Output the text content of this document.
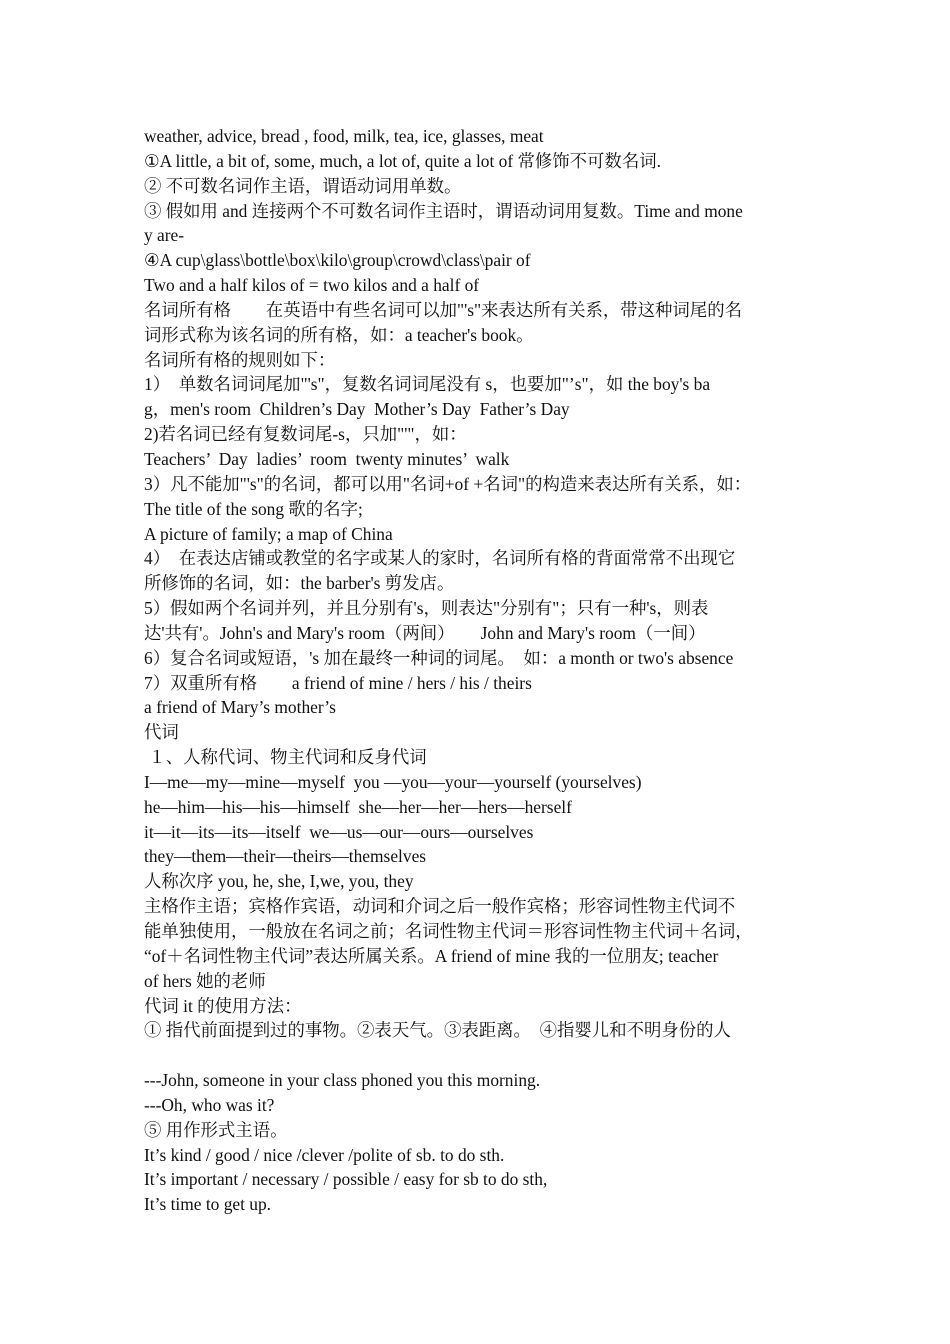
weather, advice, bread , food, milk, tea, ice, glasses, meat
①A little, a bit of, some, much, a lot of, quite a lot of 常修饰不可数名词.
② 不可数名词作主语，谓语动词用单数。
③ 假如用 and 连接两个不可数名词作主语时，谓语动词用复数。Time and mone
y are-
④A cup\glass\bottle\box\kilo\group\crowd\class\pair of
Two and a half kilos of = two kilos and a half of
名词所有格　　在英语中有些名词可以加"'s"来表达所有关系，带这种词尾的名
词形式称为该名词的所有格，如：a teacher's book。
名词所有格的规则如下：
1）　单数名词词尾加"'s"，复数名词词尾没有 s，也要加"’s"，如 the boy's ba
g，men's room  Children’s Day  Mother’s Day  Father’s Day
2)若名词已经有复数词尾-s，只加"'"，如：
Teachers’  Day  ladies’  room  twenty minutes’  walk
3）凡不能加"'s"的名词，都可以用"名词+of +名词"的构造来表达所有关系，如：
The title of the song 歌的名字;
A picture of family; a map of China
4）　在表达店铺或教堂的名字或某人的家时，名词所有格的背面常常不出现它
所修饰的名词，如：the barber's 剪发店。
5）假如两个名词并列，并且分别有's，则表达"分别有"；只有一种's，则表
达'共有'。John's and Mary's room（两间）　　John and Mary's room（一间）
6）复合名词或短语，'s 加在最终一种词的词尾。　如：a month or two's absence
7）双重所有格　　a friend of mine / hers / his / theirs
a friend of Mary’s mother’s
代词
１、人称代词、物主代词和反身代词
I—me—my—mine—myself  you —you—your—yourself (yourselves)
he—him—his—his—himself  she—her—her—hers—herself
it—it—its—its—itself  we—us—our—ours—ourselves
they—them—their—theirs—themselves
人称次序 you, he, she, I,we, you, they
主格作主语；宾格作宾语，动词和介词之后一般作宾格；形容词性物主代词不
能单独使用，一般放在名词之前；名词性物主代词＝形容词性物主代词＋名词，
“of＋名词性物主代词”表达所属关系。A friend of mine 我的一位朋友; teacher
of hers 她的老师
代词 it 的使用方法：
① 指代前面提到过的事物。②表天气。③表距离。　④指婴儿和不明身份的人
---John, someone in your class phoned you this morning.
---Oh, who was it?
⑤ 用作形式主语。
It’s kind / good / nice /clever /polite of sb. to do sth.
It’s important / necessary / possible / easy for sb to do sth,
It’s time to get up.
